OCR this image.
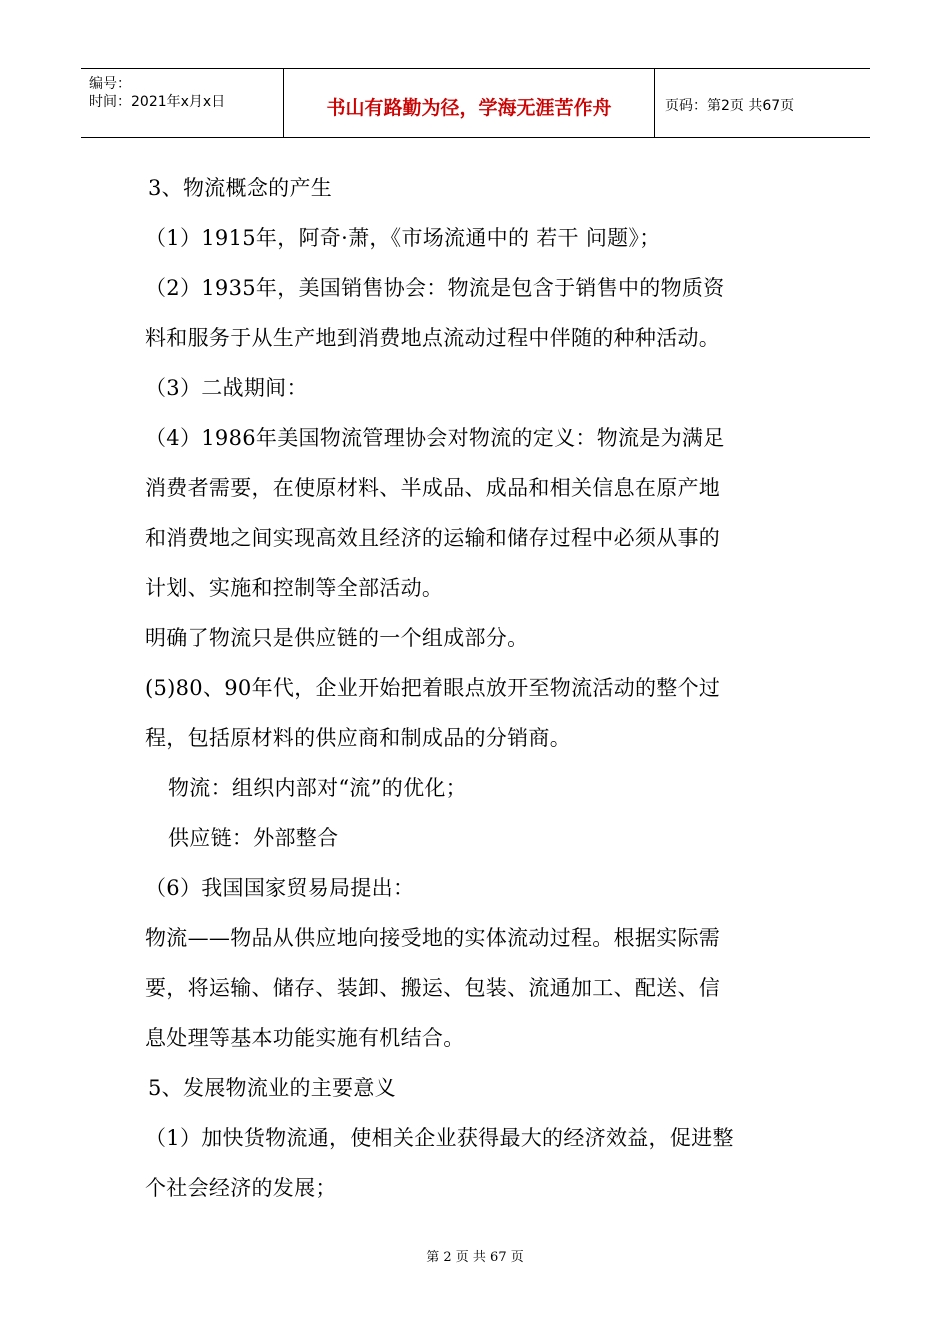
编号：
时间：2021年x月x日	书山有路勤为径，学海无涯苦作舟	页码：第2页 共67页
3、物流概念的产生
（1）1915年，阿奇·萧，《市场流通中的 若干 问题》；
（2）1935年，美国销售协会：物流是包含于销售中的物质资
料和服务于从生产地到消费地点流动过程中伴随的种种活动。
（3）二战期间：
（4）1986年美国物流管理协会对物流的定义：物流是为满足
消费者需要，在使原材料、半成品、成品和相关信息在原产地
和消费地之间实现高效且经济的运输和储存过程中必须从事的
计划、实施和控制等全部活动。
明确了物流只是供应链的一个组成部分。
(5)80、90年代，企业开始把着眼点放开至物流活动的整个过
程，包括原材料的供应商和制成品的分销商。
物流：组织内部对“流”的优化；
供应链：外部整合
（6）我国国家贸易局提出：
物流——物品从供应地向接受地的实体流动过程。根据实际需
要，将运输、储存、装卸、搬运、包装、流通加工、配送、信
息处理等基本功能实施有机结合。
5、发展物流业的主要意义
（1）加快货物流通，使相关企业获得最大的经济效益，促进整
个社会经济的发展；
第 2 页 共 67 页
